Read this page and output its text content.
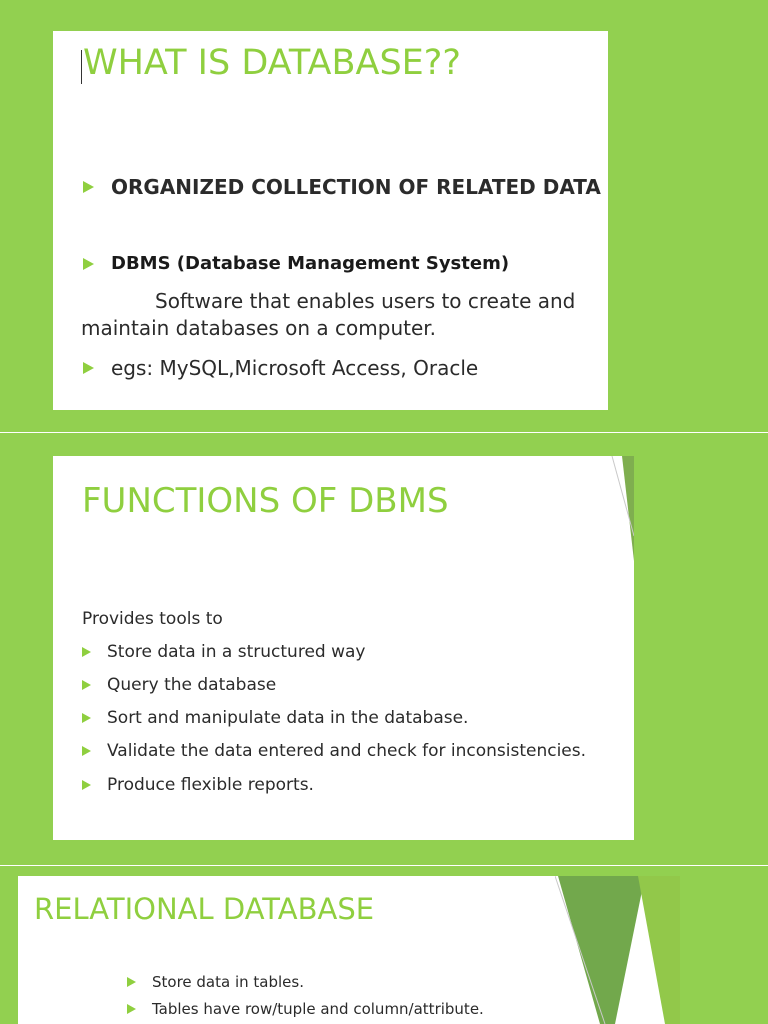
WHAT IS DATABASE??
ORGANIZED COLLECTION OF RELATED DATA
DBMS (Database Management System)
Software that enables users to create and
maintain databases on a computer.
egs: MySQL,Microsoft Access, Oracle
FUNCTIONS OF DBMS
Provides tools to
Store data in a structured way
Query the database
Sort and manipulate data in the database.
Validate the data entered and check for inconsistencies.
Produce flexible reports.
RELATIONAL DATABASE
Store data in tables.
Tables have row/tuple and column/attribute.
